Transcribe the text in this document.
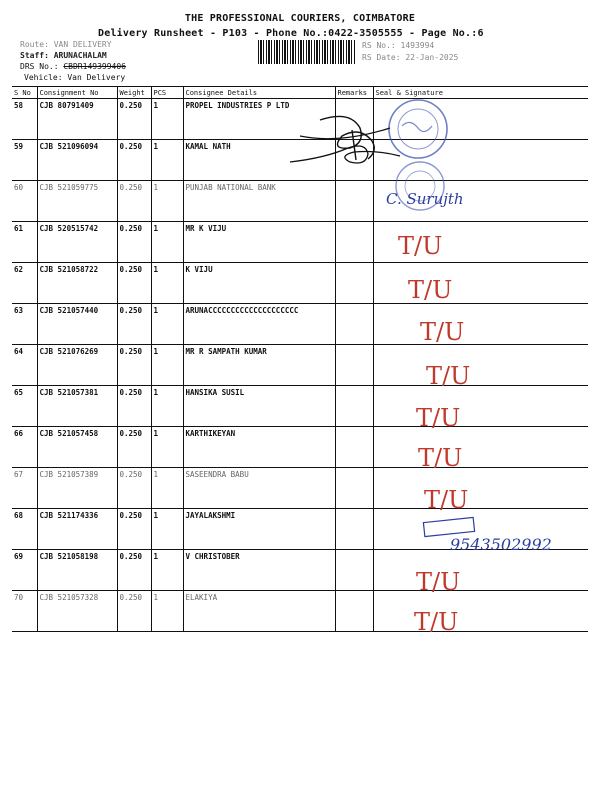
THE PROFESSIONAL COURIERS, COIMBATORE
Delivery Runsheet - P103 - Phone No.:0422-3505555 - Page No.:6
Route: VAN DELIVERY
Staff: ARUNACHALAM
DRS No.: CBDR149399406
Vehicle: Van Delivery
RS No.: 1493994
RS Date: 22-Jan-2025
S No	Consignment No	Weight	PCS	Consignee Details	Remarks	Seal & Signature
58	CJB 80791409	0.250	1	PROPEL INDUSTRIES P LTD		
59	CJB 521096094	0.250	1	KAMAL NATH		
60	CJB 521059775	0.250	1	PUNJAB NATIONAL BANK		
61	CJB 520515742	0.250	1	MR K VIJU		
62	CJB 521058722	0.250	1	K VIJU		
63	CJB 521057440	0.250	1	ARUNACCCCCCCCCCCCCCCCCCCC		
64	CJB 521076269	0.250	1	MR R SAMPATH KUMAR		
65	CJB 521057381	0.250	1	HANSIKA SUSIL		
66	CJB 521057458	0.250	1	KARTHIKEYAN		
67	CJB 521057389	0.250	1	SASEENDRA BABU		
68	CJB 521174336	0.250	1	JAYALAKSHMI		
69	CJB 521058198	0.250	1	V CHRISTOBER		
70	CJB 521057328	0.250	1	ELAKIYA		
C. Surujth
T/U
T/U
T/U
T/U
T/U
T/U
T/U
T/U
T/U
9543502992
